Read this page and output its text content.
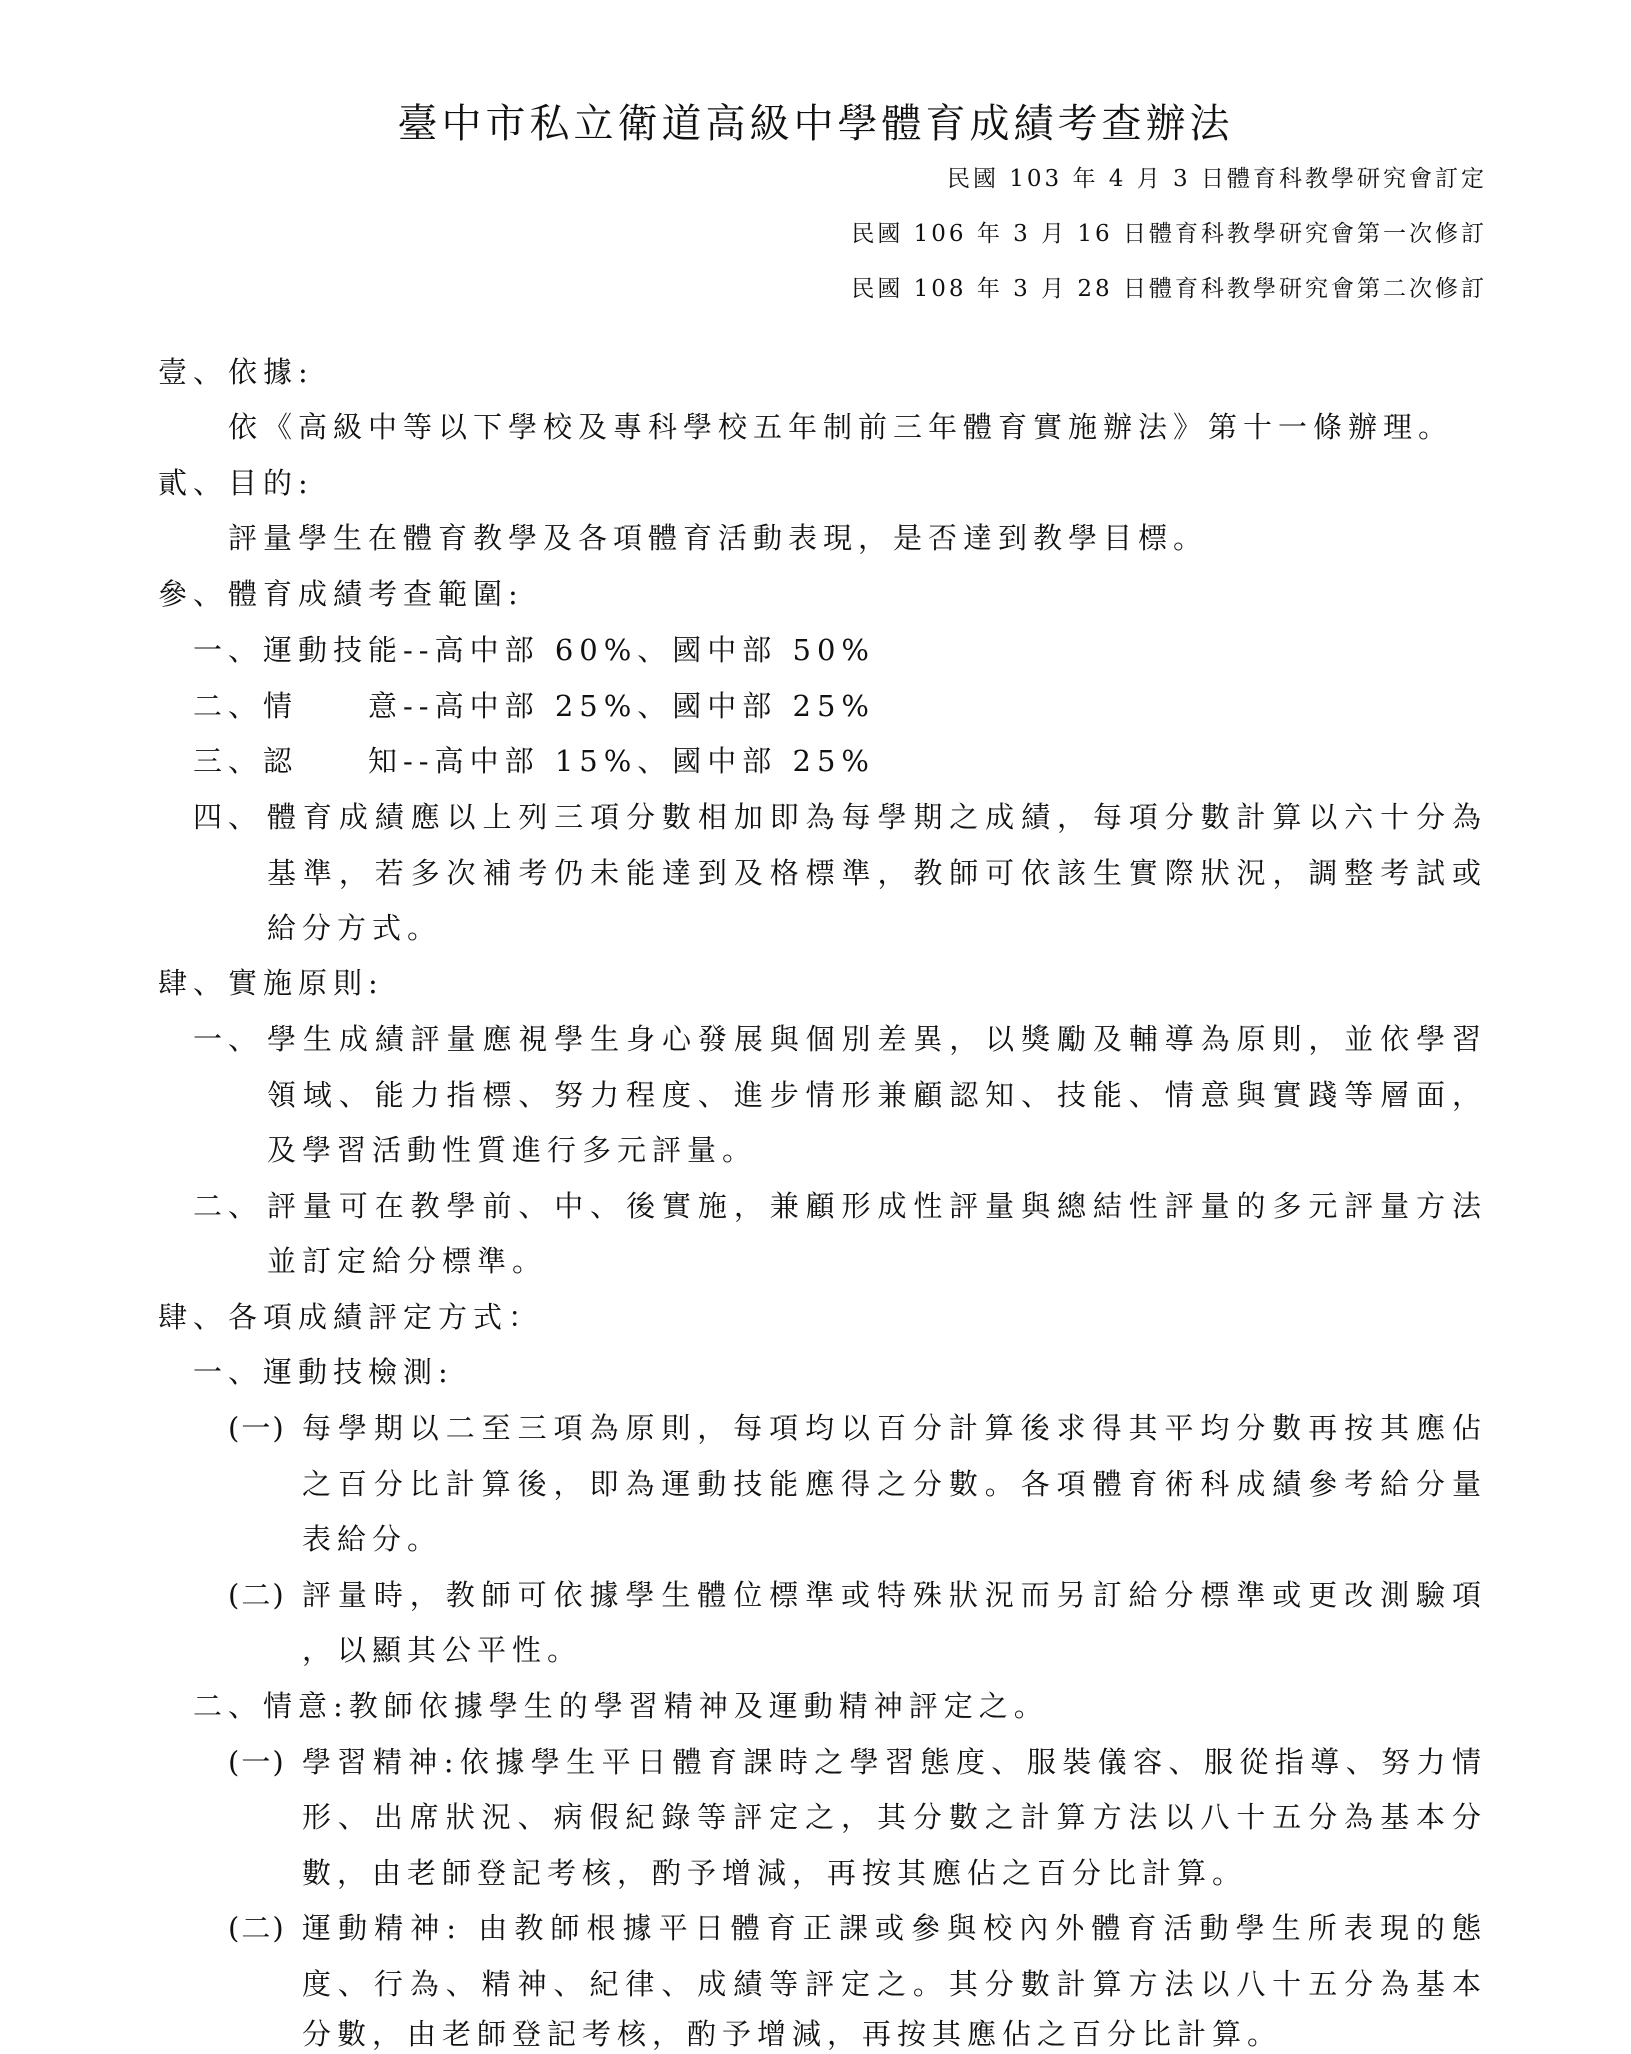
臺中市私立衛道高級中學體育成績考查辦法
民國 103 年 4 月 3 日體育科教學研究會訂定
民國 106 年 3 月 16 日體育科教學研究會第一次修訂
民國 108 年 3 月 28 日體育科教學研究會第二次修訂
壹、依據:
依《高級中等以下學校及專科學校五年制前三年體育實施辦法》第十一條辦理。
貳、目的:
評量學生在體育教學及各項體育活動表現，是否達到教學目標。
參、體育成績考查範圍:
一、運動技能--高中部 60%、國中部 50%
二、情　　意--高中部 25%、國中部 25%
三、認　　知--高中部 15%、國中部 25%
四、 體育成績應以上列三項分數相加即為每學期之成績，每項分數計算以六十分為
基準，若多次補考仍未能達到及格標準，教師可依該生實際狀況，調整考試或
給分方式。
肆、實施原則:
一、 學生成績評量應視學生身心發展與個別差異，以獎勵及輔導為原則，並依學習
領域、能力指標、努力程度、進步情形兼顧認知、技能、情意與實踐等層面，
及學習活動性質進行多元評量。
二、 評量可在教學前、中、後實施，兼顧形成性評量與總結性評量的多元評量方法
並訂定給分標準。
肆、各項成績評定方式：
一、運動技檢測:
(一) 每學期以二至三項為原則，每項均以百分計算後求得其平均分數再按其應佔
之百分比計算後，即為運動技能應得之分數。各項體育術科成績參考給分量
表給分。
(二) 評量時，教師可依據學生體位標準或特殊狀況而另訂給分標準或更改測驗項
，以顯其公平性。
二、情意:教師依據學生的學習精神及運動精神評定之。
(一) 學習精神:依據學生平日體育課時之學習態度、服裝儀容、服從指導、努力情
形、出席狀況、病假紀錄等評定之，其分數之計算方法以八十五分為基本分
數，由老師登記考核，酌予增減，再按其應佔之百分比計算。
(二) 運動精神: 由教師根據平日體育正課或參與校內外體育活動學生所表現的態
度、行為、精神、紀律、成績等評定之。其分數計算方法以八十五分為基本
分數，由老師登記考核，酌予增減，再按其應佔之百分比計算。
